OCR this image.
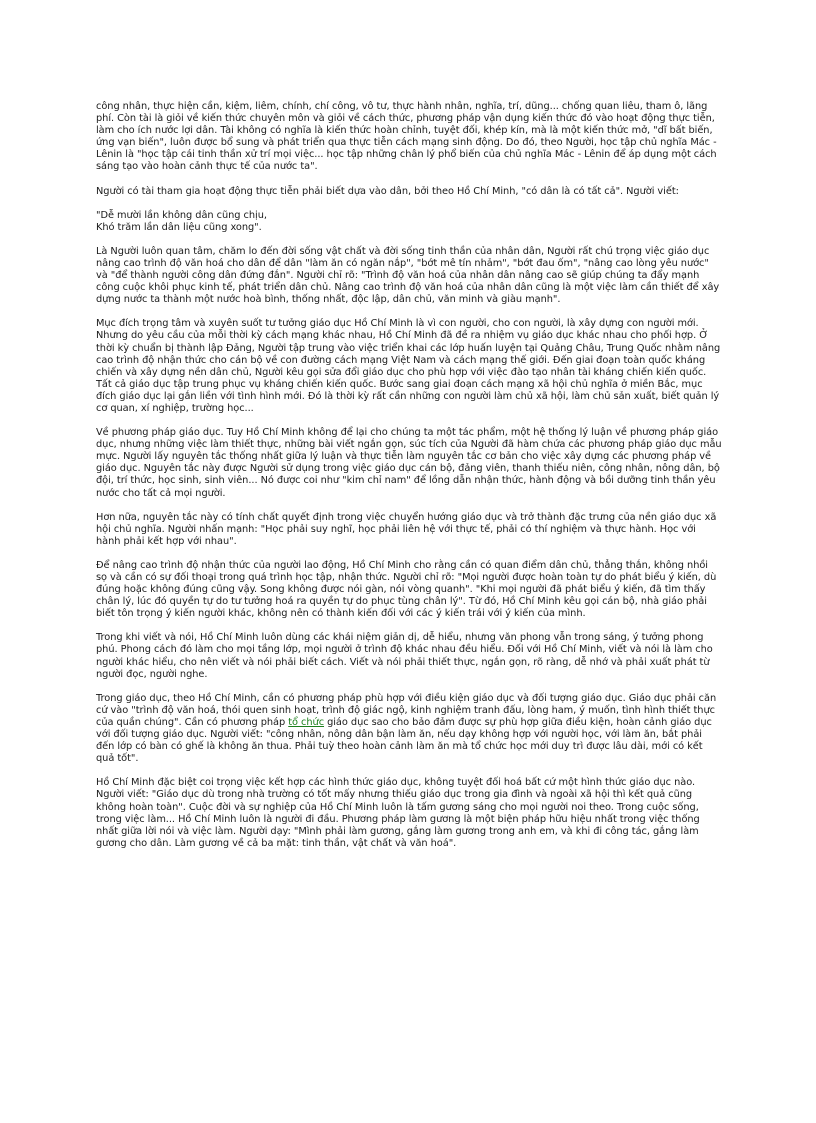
công nhân, thực hiện cần, kiệm, liêm, chính, chí công, vô tư, thực hành nhân, nghĩa, trí, dũng... chống quan liêu, tham ô, lãng phí. Còn tài là giỏi về kiến thức chuyên môn và giỏi về cách thức, phương pháp vận dụng kiến thức đó vào hoạt động thực tiễn, làm cho ích nước lợi dân. Tài không có nghĩa là kiến thức hoàn chỉnh, tuyệt đối, khép kín, mà là một kiến thức mở, "dĩ bất biến, ứng vạn biến", luôn được bổ sung và phát triển qua thực tiễn cách mạng sinh động. Do đó, theo Người, học tập chủ nghĩa Mác - Lênin là "học tập cái tinh thần xử trí mọi việc... học tập những chân lý phổ biến của chủ nghĩa Mác - Lênin để áp dụng một cách sáng tạo vào hoàn cảnh thực tế của nước ta".

Người có tài tham gia hoạt động thực tiễn phải biết dựa vào dân, bởi theo Hồ Chí Minh, "có dân là có tất cả". Người viết:

"Dễ mười lần không dân cũng chịu,
Khó trăm lần dân liệu cũng xong".

Là Người luôn quan tâm, chăm lo đến đời sống vật chất và đời sống tinh thần của nhân dân, Người rất chú trọng việc giáo dục nâng cao trình độ văn hoá cho dân để dân "làm ăn có ngăn nắp", "bớt mê tín nhảm", "bớt đau ốm", "nâng cao lòng yêu nước" và "để thành người công dân đứng đắn". Người chỉ rõ: "Trình độ văn hoá của nhân dân nâng cao sẽ giúp chúng ta đẩy mạnh công cuộc khôi phục kinh tế, phát triển dân chủ. Nâng cao trình độ văn hoá của nhân dân cũng là một việc làm cần thiết để xây dựng nước ta thành một nước hoà bình, thống nhất, độc lập, dân chủ, văn minh và giàu mạnh".

Mục đích trọng tâm và xuyên suốt tư tưởng giáo dục Hồ Chí Minh là vì con người, cho con người, là xây dựng con người mới. Nhưng do yêu cầu của mỗi thời kỳ cách mạng khác nhau, Hồ Chí Minh đã đề ra nhiệm vụ giáo dục khác nhau cho phối hợp. Ở thời kỳ chuẩn bị thành lập Đảng, Người tập trung vào việc triển khai các lớp huấn luyện tại Quảng Châu, Trung Quốc nhằm nâng cao trình độ nhận thức cho cán bộ về con đường cách mạng Việt Nam và cách mạng thế giới. Đến giai đoạn toàn quốc kháng chiến và xây dựng nền dân chủ, Người kêu gọi sửa đổi giáo dục cho phù hợp với việc đào tạo nhân tài kháng chiến kiến quốc. Tất cả giáo dục tập trung phục vụ kháng chiến kiến quốc. Bước sang giai đoạn cách mạng xã hội chủ nghĩa ở miền Bắc, mục đích giáo dục lại gắn liền với tình hình mới. Đó là thời kỳ rất cần những con người làm chủ xã hội, làm chủ sản xuất, biết quản lý cơ quan, xí nghiệp, trường học...

Về phương pháp giáo dục. Tuy Hồ Chí Minh không để lại cho chúng ta một tác phẩm, một hệ thống lý luận về phương pháp giáo dục, nhưng những việc làm thiết thực, những bài viết ngắn gọn, súc tích của Người đã hàm chứa các phương pháp giáo dục mẫu mực. Người lấy nguyên tắc thống nhất giữa lý luận và thực tiễn làm nguyên tắc cơ bản cho việc xây dựng các phương pháp về giáo dục. Nguyên tắc này được Người sử dụng trong việc giáo dục cán bộ, đảng viên, thanh thiếu niên, công nhân, nông dân, bộ đội, trí thức, học sinh, sinh viên... Nó được coi như "kim chỉ nam" để lồng dẫn nhận thức, hành động và bồi dưỡng tinh thần yêu nước cho tất cả mọi người.

Hơn nữa, nguyên tắc này có tính chất quyết định trong việc chuyển hướng giáo dục và trở thành đặc trưng của nền giáo dục xã hội chủ nghĩa. Người nhấn mạnh: "Học phải suy nghĩ, học phải liên hệ với thực tế, phải có thí nghiệm và thực hành. Học với hành phải kết hợp với nhau".

Để nâng cao trình độ nhận thức của người lao động, Hồ Chí Minh cho rằng cần có quan điểm dân chủ, thẳng thắn, không nhồi sọ và cần có sự đối thoại trong quá trình học tập, nhận thức. Người chỉ rõ: "Mọi người được hoàn toàn tự do phát biểu ý kiến, dù đúng hoặc không đúng cũng vậy. Song không được nói gàn, nói vòng quanh". "Khi mọi người đã phát biểu ý kiến, đã tìm thấy chân lý, lúc đó quyền tự do tư tưởng hoá ra quyền tự do phục tùng chân lý". Từ đó, Hồ Chí Minh kêu gọi cán bộ, nhà giáo phải biết tôn trọng ý kiến người khác, không nên có thành kiến đối với các ý kiến trái với ý kiến của mình.

Trong khi viết và nói, Hồ Chí Minh luôn dùng các khái niệm giản dị, dễ hiểu, nhưng văn phong vẫn trong sáng, ý tưởng phong phú. Phong cách đó làm cho mọi tầng lớp, mọi người ở trình độ khác nhau đều hiểu. Đối với Hồ Chí Minh, viết và nói là làm cho người khác hiểu, cho nên viết và nói phải biết cách. Viết và nói phải thiết thực, ngắn gọn, rõ ràng, dễ nhớ và phải xuất phát từ người đọc, người nghe.

Trong giáo dục, theo Hồ Chí Minh, cần có phương pháp phù hợp với điều kiện giáo dục và đối tượng giáo dục. Giáo dục phải căn cứ vào "trình độ văn hoá, thói quen sinh hoạt, trình độ giác ngộ, kinh nghiệm tranh đấu, lòng ham, ý muốn, tình hình thiết thực của quần chúng". Cần có phương pháp tổ chức giáo dục sao cho bảo đảm được sự phù hợp giữa điều kiện, hoàn cảnh giáo dục với đối tượng giáo dục. Người viết: "công nhân, nông dân bận làm ăn, nếu dạy không hợp với người học, với làm ăn, bắt phải đến lớp có bàn có ghế là không ăn thua. Phải tuỳ theo hoàn cảnh làm ăn mà tổ chức học mới duy trì được lâu dài, mới có kết quả tốt".

Hồ Chí Minh đặc biệt coi trọng việc kết hợp các hình thức giáo dục, không tuyệt đối hoá bất cứ một hình thức giáo dục nào. Người viết: "Giáo dục dù trong nhà trường có tốt mấy nhưng thiếu giáo dục trong gia đình và ngoài xã hội thì kết quả cũng không hoàn toàn". Cuộc đời và sự nghiệp của Hồ Chí Minh luôn là tấm gương sáng cho mọi người noi theo. Trong cuộc sống, trong việc làm... Hồ Chí Minh luôn là người đi đầu. Phương pháp làm gương là một biện pháp hữu hiệu nhất trong việc thống nhất giữa lời nói và việc làm. Người dạy: "Mình phải làm gương, gắng làm gương trong anh em, và khi đi công tác, gắng làm gương cho dân. Làm gương về cả ba mặt: tinh thần, vật chất và văn hoá".
